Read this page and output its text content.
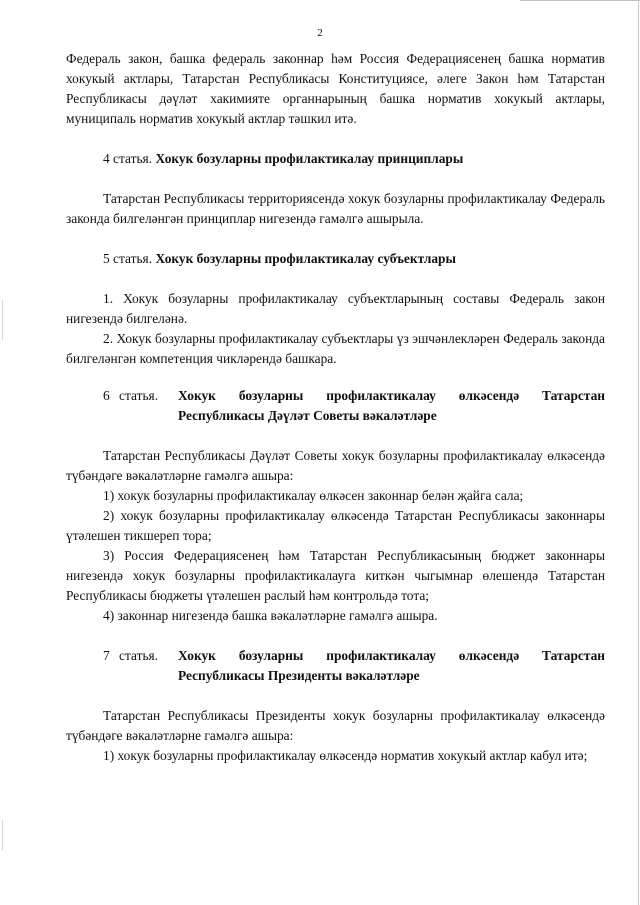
2

Федераль закон, башка федераль законнар һәм Россия Федерациясенең башка норматив хокукый актлары, Татарстан Республикасы Конституциясе, әлеге Закон һәм Татарстан Республикасы дәүләт хакимияте органнарының башка норматив хокукый актлары, муниципаль норматив хокукый актлар тәшкил итә.

4 статья. Хокук бозуларны профилактикалау принциплары

Татарстан Республикасы территориясендә хокук бозуларны профилактикалау Федераль законда билгеләнгән принциплар нигезендә гамәлгә ашырыла.

5 статья. Хокук бозуларны профилактикалау субъектлары

1. Хокук бозуларны профилактикалау субъектларының составы Федераль закон нигезендә билгеләнә.

2. Хокук бозуларны профилактикалау субъектлары үз эшчәнлекләрен Федераль законда билгеләнгән компетенция чикләрендә башкара.

6 статья.	Хокук бозуларны профилактикалау өлкәсендә Татарстан Республикасы Дәүләт Советы вәкаләтләре

Татарстан Республикасы Дәүләт Советы хокук бозуларны профилактикалау өлкәсендә түбәндәге вәкаләтләрне гамәлгә ашыра:

1) хокук бозуларны профилактикалау өлкәсен законнар белән җайга сала;

2) хокук бозуларны профилактикалау өлкәсендә Татарстан Республикасы законнары үтәлешен тикшереп тора;

3) Россия Федерациясенең һәм Татарстан Республикасының бюджет законнары нигезендә хокук бозуларны профилактикалауга киткән чыгымнар өлешендә Татарстан Республикасы бюджеты үтәлешен раслый һәм контрольдә тота;

4) законнар нигезендә башка вәкаләтләрне гамәлгә ашыра.

7 статья.	Хокук бозуларны профилактикалау өлкәсендә Татарстан Республикасы Президенты вәкаләтләре

Татарстан Республикасы Президенты хокук бозуларны профилактикалау өлкәсендә түбәндәге вәкаләтләрне гамәлгә ашыра:

1) хокук бозуларны профилактикалау өлкәсендә норматив хокукый актлар кабул итә;
